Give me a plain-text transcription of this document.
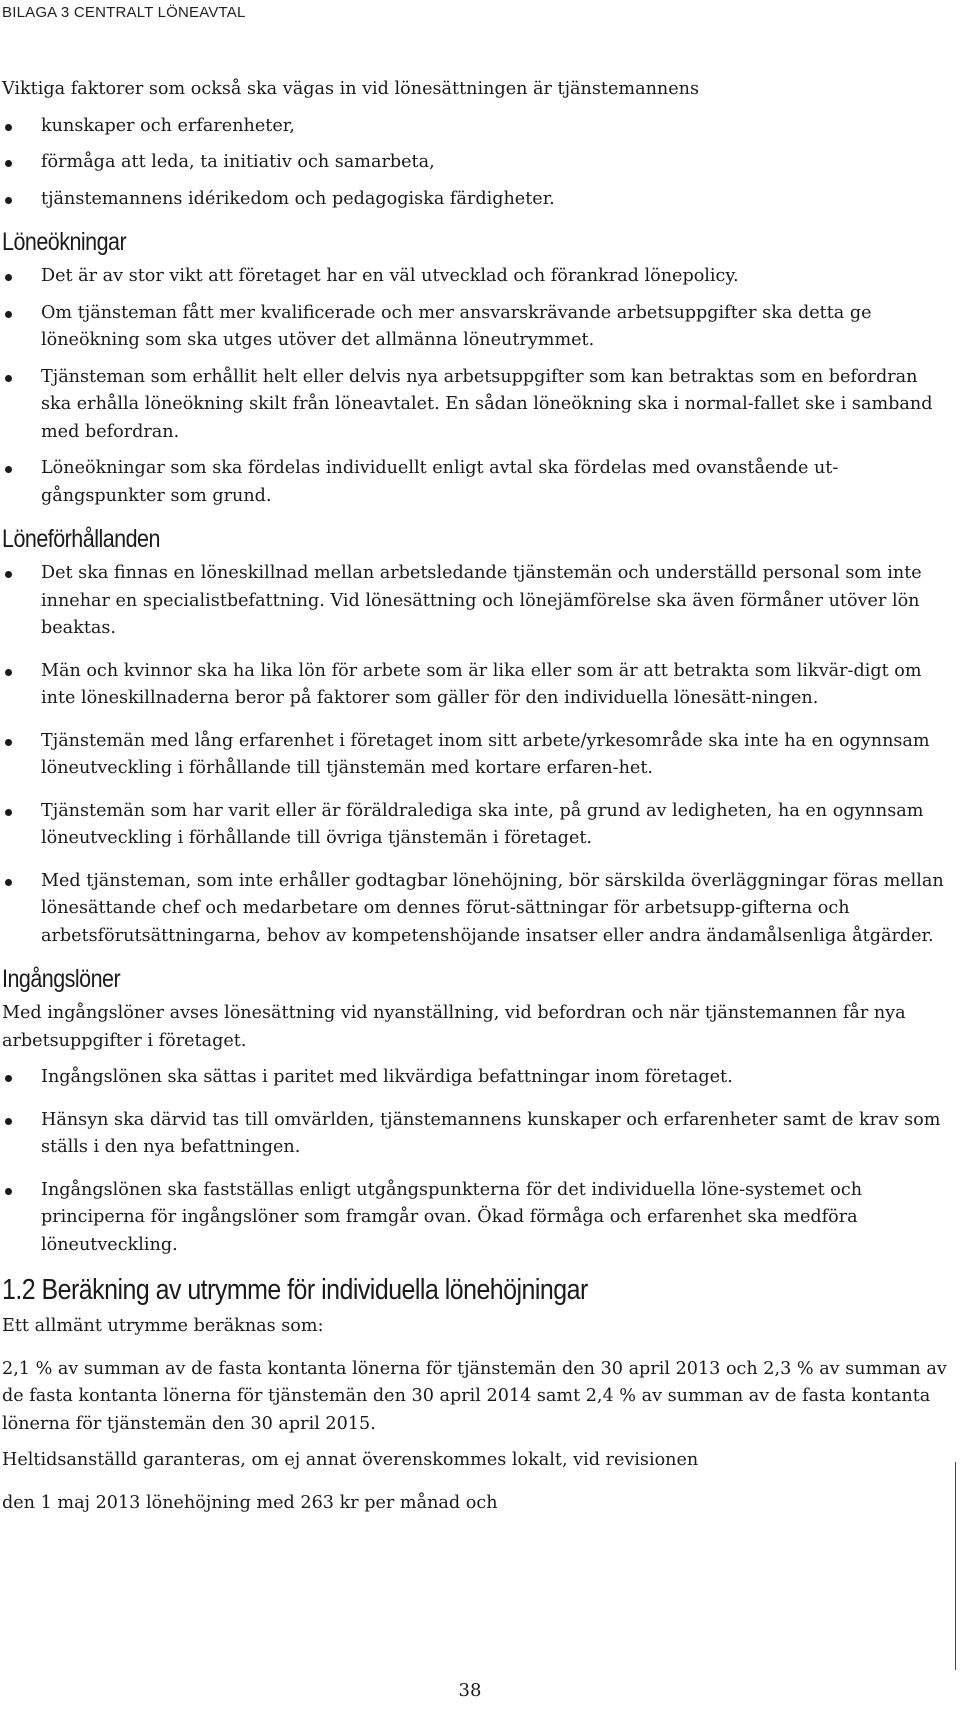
BILAGA 3 CENTRALT LÖNEAVTAL

Viktiga faktorer som också ska vägas in vid lönesättningen är tjänstemannens

kunskaper och erfarenheter,
förmåga att leda, ta initiativ och samarbeta,
tjänstemannens idérikedom och pedagogiska färdigheter.
Löneökningar
Det är av stor vikt att företaget har en väl utvecklad och förankrad lönepolicy.
Om tjänsteman fått mer kvalificerade och mer ansvarskrävande arbetsuppgifter ska detta ge löneökning som ska utges utöver det allmänna löneutrymmet.
Tjänsteman som erhållit helt eller delvis nya arbetsuppgifter som kan betraktas som en befordran ska erhålla löneökning skilt från löneavtalet. En sådan löneökning ska i normal-fallet ske i samband med befordran.
Löneökningar som ska fördelas individuellt enligt avtal ska fördelas med ovanstående ut-gångspunkter som grund.
Löneförhållanden
Det ska finnas en löneskillnad mellan arbetsledande tjänstemän och underställd personal som inte innehar en specialistbefattning. Vid lönesättning och lönejämförelse ska även förmåner utöver lön beaktas.
Män och kvinnor ska ha lika lön för arbete som är lika eller som är att betrakta som likvär-digt om inte löneskillnaderna beror på faktorer som gäller för den individuella lönesätt-ningen.
Tjänstemän med lång erfarenhet i företaget inom sitt arbete/yrkesområde ska inte ha en ogynnsam löneutveckling i förhållande till tjänstemän med kortare erfaren-het.
Tjänstemän som har varit eller är föräldralediga ska inte, på grund av ledigheten, ha en ogynnsam löneutveckling i förhållande till övriga tjänstemän i företaget.
Med tjänsteman, som inte erhåller godtagbar lönehöjning, bör särskilda överläggningar föras mellan lönesättande chef och medarbetare om dennes förut-sättningar för arbetsupp-gifterna och arbetsförutsättningarna, behov av kompetenshöjande insatser eller andra ändamålsenliga åtgärder.
Ingångslöner

Med ingångslöner avses lönesättning vid nyanställning, vid befordran och när tjänstemannen får nya arbetsuppgifter i företaget.

Ingångslönen ska sättas i paritet med likvärdiga befattningar inom företaget.
Hänsyn ska därvid tas till omvärlden, tjänstemannens kunskaper och erfarenheter samt de krav som ställs i den nya befattningen.
Ingångslönen ska fastställas enligt utgångspunkterna för det individuella löne-systemet och principerna för ingångslöner som framgår ovan. Ökad förmåga och erfarenhet ska medföra löneutveckling.
1.2 Beräkning av utrymme för individuella lönehöjningar

Ett allmänt utrymme beräknas som:

2,1 % av summan av de fasta kontanta lönerna för tjänstemän den 30 april 2013 och 2,3 % av summan av de fasta kontanta lönerna för tjänstemän den 30 april 2014 samt 2,4 % av summan av de fasta kontanta lönerna för tjänstemän den 30 april 2015.

Heltidsanställd garanteras, om ej annat överenskommes lokalt, vid revisionen

den 1 maj 2013 lönehöjning med 263 kr per månad och

38
